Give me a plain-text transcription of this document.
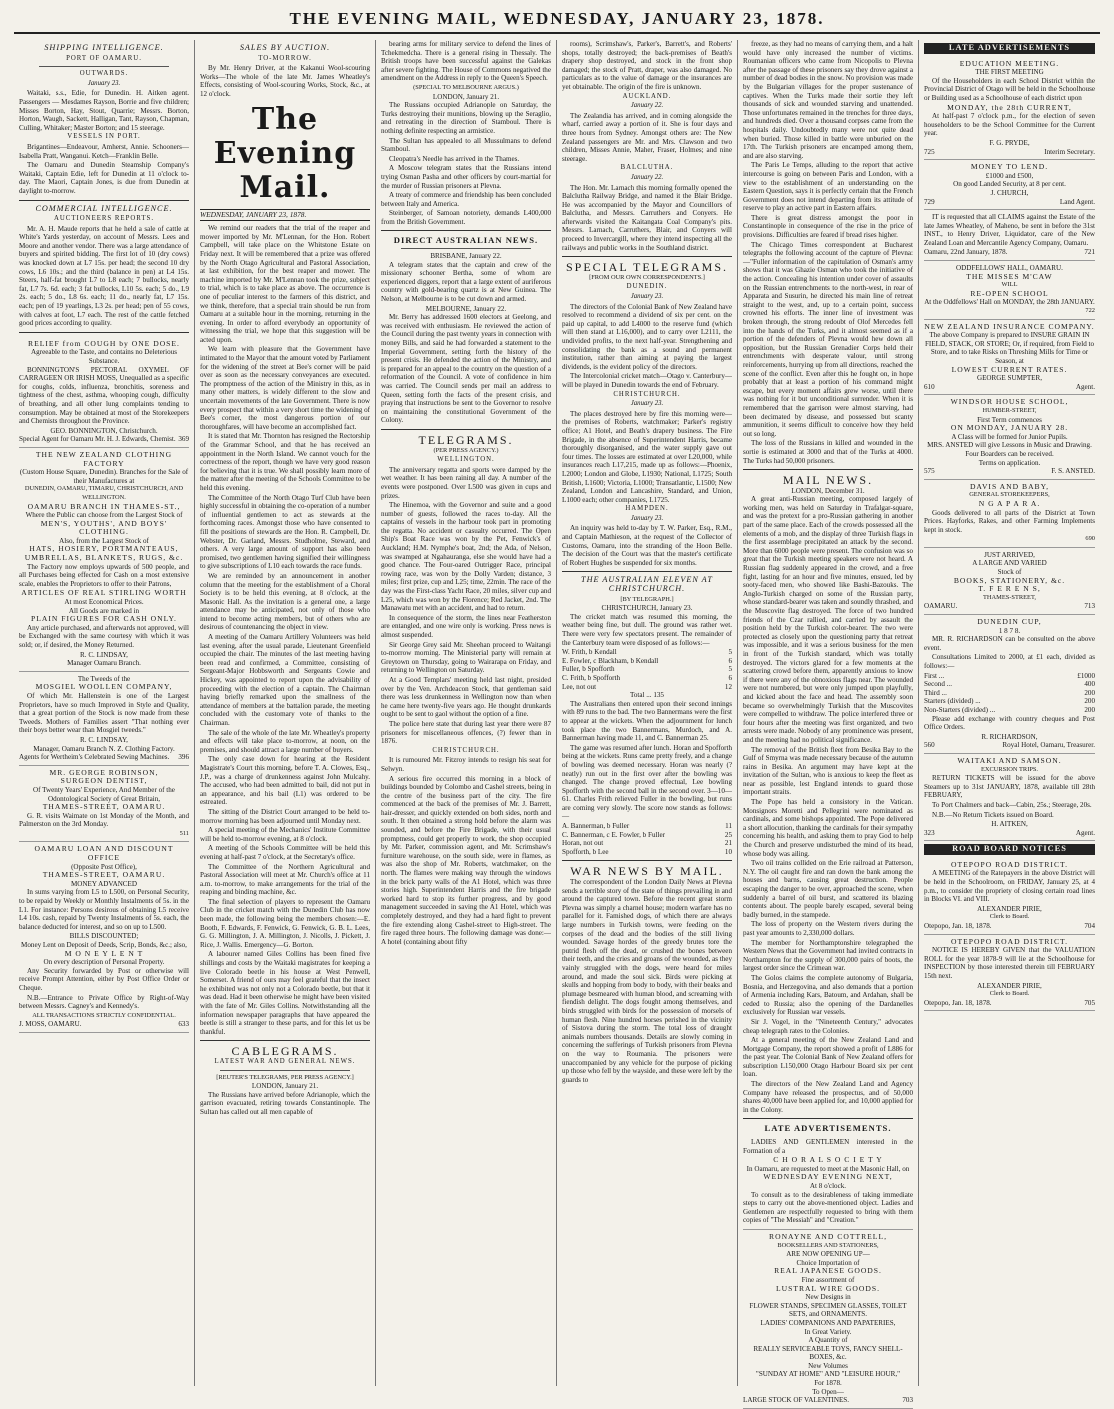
THE EVENING MAIL, WEDNESDAY, JANUARY 23, 1878.
SHIPPING INTELLIGENCE.
PORT OF OAMARU.
OUTWARDS.
January 23.

Waitaki, s.s., Edie, for Dunedin. H. Aitken agent. Passengers — Mesdames Rayson, Borrie and five children; Misses Borton, Hay, Stout, Quarrie; Messrs. Borton, Horton, Waugh, Sackett, Halligan, Tant, Rayson, Chapman, Culling, Whitaker; Master Borton; and 15 steerage.

VESSELS IN PORT.

Brigantines—Endeavour, Amherst, Annie. Schooners—Isabella Pratt, Wanganui. Ketch—Franklin Belle.

The Oamaru and Dunedin Steamship Company's Waitaki, Captain Edie, left for Dunedin at 11 o'clock to-day. The Maori, Captain Jones, is due from Dunedin at daylight to-morrow.

COMMERCIAL INTELLIGENCE.
AUCTIONEERS REPORTS.

Mr. A. H. Maude reports that he held a sale of cattle at White's Yards yesterday, on account of Messrs. Lees and Moore and another vendor. There was a large attendance of buyers and spirited bidding. The first lot of 10 (dry cows) was knocked down at L7 15s. per head; the second 10 dry cows, L6 10s.; and the third (balance in pen) at L4 15s. Steers, half-fat brought L7 to L8 each; 7 bullocks, nearly fat, L7 7s. 6d. each; 3 fat bullocks, L10 5s. each; 5 do., L9 2s. each; 5 do., L8 6s. each; 11 do., nearly fat, L7 15s. each; pen of 19 yearlings, L3 2s. per head; pen of 55 cows, with calves at foot, L7 each. The rest of the cattle fetched good prices according to quality.

RELIEF from COUGH by ONE DOSE.
Agreeable to the Taste, and contains no Deleterious Substance.

BONNINGTON'S PECTORAL OXYMEL OF CARRAGEEN OR IRISH MOSS, Unequalled as a specific for coughs, colds, influenza, bronchitis, soreness and tightness of the chest, asthma, whooping cough, difficulty of breathing, and all other lung complaints tending to consumption. May be obtained at most of the Storekeepers and Chemists throughout the Province.

GEO. BONNINGTON, Christchurch.
Special Agent for Oamaru Mr. H. J. Edwards, Chemist. 369
THE NEW ZEALAND CLOTHING FACTORY
(Custom House Square, Dunedin). Branches for the Sale of their Manufactures at
DUNEDIN, OAMARU, TIMARU, CHRISTCHURCH, AND WELLINGTON.
OAMARU BRANCH IN THAMES-ST.,
Where the Public can choose from the Largest Stock of
MEN'S, YOUTHS', AND BOYS' CLOTHING.
Also, from the Largest Stock of
HATS, HOSIERY, PORTMANTEAUS, UMBRELLAS, BLANKETS, RUGS, &c.

The Factory now employs upwards of 500 people, and all Purchases being effected for Cash on a most extensive scale, enables the Proprietors to offer to their Patrons,

ARTICLES OF REAL STIRLING WORTH
At most Economical Prices.
All Goods are marked in
PLAIN FIGURES FOR CASH ONLY.

Any article purchased, and afterwards not approved, will be Exchanged with the same courtesy with which it was sold; or, if desired, the Money Returned.

R. C. LINDSAY,
Manager Oamaru Branch.
The Tweeds of the
MOSGIEL WOOLLEN COMPANY,

Of which Mr. Hallenstein is one of the Largest Proprietors, have so much Improved in Style and Quality, that a great portion of the Stock is now made from these Tweeds. Mothers of Families assert "That nothing ever their boys better wear than Mosgiel tweeds."

R. C. LINDSAY,
Manager, Oamaru Branch N. Z. Clothing Factory.
Agents for Wertheim's Celebrated Sewing Machines. 396
MR. GEORGE ROBINSON,
SURGEON DENTIST,
Of Twenty Years' Experience, And Member of the Odontological Society of Great Britain,
THAMES-STREET, OAMARU.

G. R. visits Waimate on 1st Monday of the Month, and Palmerston on the 3rd Monday.

511
OAMARU LOAN AND DISCOUNT OFFICE
(Opposite Post Office),
THAMES-STREET, OAMARU.
MONEY ADVANCED

In sums varying from L5 to L500, on Personal Security, to be repaid by Weekly or Monthly Instalments of 5s. in the L1. For instance: Persons desirous of obtaining L5 receive L4 10s. cash, repaid by Twenty Instalments of 5s. each, the balance deducted for interest, and so on up to L500.

BILLS DISCOUNTED;
Money Lent on Deposit of Deeds, Scrip, Bonds, &c.; also,
M O N E Y L E N T
On every description of Personal Property.

Any Security forwarded by Post or otherwise will receive Prompt Attention, either by Post Office Order or Cheque.

N.B.—Entrance to Private Office by Right-of-Way between Messrs. Cagney's and Kennedy's.

ALL TRANSACTIONS STRICTLY CONFIDENTIAL.
J. MOSS, OAMARU.	633
SALES BY AUCTION.
TO-MORROW.

By Mr. Henry Driver, at the Kakanui Wool-scouring Works—The whole of the late Mr. James Wheatley's Effects, consisting of Wool-scouring Works, Stock, &c., at 12 o'clock.

The Evening Mail.
WEDNESDAY, JANUARY 23, 1878.

We remind our readers that the trial of the reaper and mower imported by Mr. M'Lennan, for the Hon. Robert Campbell, will take place on the Whitstone Estate on Friday next. It will be remembered that a prize was offered by the North Otago Agricultural and Pastoral Association, at last exhibition, for the best reaper and mower. The machine imported by Mr. M'Lennan took the prize, subject to trial, which is to take place as above. The occurrence is one of peculiar interest to the farmers of this district, and we think, therefore, that a special train should be run from Oamaru at a suitable hour in the morning, returning in the evening. In order to afford everybody an opportunity of witnessing the trial, we hope that this suggestion will be acted upon.

We learn with pleasure that the Government have intimated to the Mayor that the amount voted by Parliament for the widening of the street at Bee's corner will be paid over as soon as the necessary conveyances are executed. The promptness of the action of the Ministry in this, as in many other matters, is widely different to the slow and uncertain movements of the late Government. There is now every prospect that within a very short time the widening of Bee's corner, the most dangerous portion of our thoroughfares, will have become an accomplished fact.

It is stated that Mr. Thornton has resigned the Rectorship of the Grammar School, and that he has received an appointment in the North Island. We cannot vouch for the correctness of the report, though we have very good reason for believing that it is true. We shall possibly learn more of the matter after the meeting of the Schools Committee to be held this evening.

The Committee of the North Otago Turf Club have been highly successful in obtaining the co-operation of a number of influential gentlemen to act as stewards at the forthcoming races. Amongst those who have consented to fill the positions of stewards are the Hon. R. Campbell, Dr. Webster, Dr. Garland, Messrs. Studholme, Steward, and others. A very large amount of support has also been promised, two gentlemen having signified their willingness to give subscriptions of L10 each towards the race funds.

We are reminded by an announcement in another column that the meeting for the establishment of a Choral Society is to be held this evening, at 8 o'clock, at the Masonic Hall. As the invitation is a general one, a large attendance may be anticipated, not only of those who intend to become acting members, but of others who are desirous of countenancing the object in view.

A meeting of the Oamaru Artillery Volunteers was held last evening, after the usual parade, Lieutenant Greenfield occupied the chair. The minutes of the last meeting having been read and confirmed, a Committee, consisting of Sergeant-Major Hobbsworth and Sergeants Cowie and Hickey, was appointed to report upon the advisability of proceeding with the election of a captain. The Chairman having briefly remarked upon the smallness of the attendance of members at the battalion parade, the meeting concluded with the customary vote of thanks to the Chairman.

The sale of the whole of the late Mr. Wheatley's property and effects will take place to-morrow, at noon, on the premises, and should attract a large number of buyers.

The only case down for hearing at the Resident Magistrate's Court this morning, before T. A. Clowes, Esq., J.P., was a charge of drunkenness against John Mulcahy. The accused, who had been admitted to bail, did not put in an appearance, and his bail (L1) was ordered to be estreated.

The sitting of the District Court arranged to be held to-morrow morning has been adjourned until Monday next.

A special meeting of the Mechanics' Institute Committee will be held to-morrow evening, at 8 o'clock.

A meeting of the Schools Committee will be held this evening at half-past 7 o'clock, at the Secretary's office.

The Committee of the Northern Agricultural and Pastoral Association will meet at Mr. Church's office at 11 a.m. to-morrow, to make arrangements for the trial of the reaping and binding machine, &c.

The final selection of players to represent the Oamaru Club in the cricket match with the Dunedin Club has now been made, the following being the members chosen:—E. Booth, F. Edwards, F. Fenwick, G. Fenwick, G. B. L. Lees, G. G. Millington, J. A. Millington, J. Nicolls, J. Pickett, J. Rice, J. Wallis. Emergency—G. Borton.

A labourer named Giles Collins has been fined five shillings and costs by the Waitaki magistrates for keeping a live Colorado beetle in his house at West Penwell, Somerset. A friend of ours may feel grateful that the insect he exhibited was not only not a Colorado beetle, but that it was dead. Had it been otherwise he might have been visited with the fate of Mr. Giles Collins. Notwithstanding all the information newspaper paragraphs that have appeared the beetle is still a stranger to these parts, and for this let us be thankful.

CABLEGRAMS.
LATEST WAR AND GENERAL NEWS.
[REUTER'S TELEGRAMS, PER PRESS AGENCY.]
LONDON, January 21.

The Russians have arrived before Adrianople, which the garrison evacuated, retiring towards Constantinople. The Sultan has called out all men capable of

bearing arms for military service to defend the lines of Tchekmedcha. There is a general rising in Thessaly. The British troops have been successful against the Galekas after severe fighting. The House of Commons negatived the amendment on the Address in reply to the Queen's Speech.

(SPECIAL TO MELBOURNE ARGUS.)
LONDON, January 21.

The Russians occupied Adrianople on Saturday, the Turks destroying their munitions, blowing up the Seraglio, and retreating in the direction of Stamboul. There is nothing definite respecting an armistice.

The Sultan has appealed to all Mussulmans to defend Stamboul.

Cleopatra's Needle has arrived in the Thames.

A Moscow telegram states that the Russians intend trying Osman Pasha and other officers by court-martial for the murder of Russian prisoners at Plevna.

A treaty of commerce and friendship has been concluded between Italy and America.

Steinberger, of Samoan notoriety, demands L400,000 from the British Government.

DIRECT AUSTRALIAN NEWS.
BRISBANE, January 22.

A telegram states that the captain and crew of the missionary schooner Bertha, some of whom are experienced diggers, report that a large extent of auriferous country with gold-bearing quartz is at New Guinea. The Nelson, at Melbourne is to be cut down and armed.

MELBOURNE, January 22.

Mr. Berry has addressed 1600 electors at Geelong, and was received with enthusiasm. He reviewed the action of the Council during the past twenty years in connection with money Bills, and said he had forwarded a statement to the Imperial Government, setting forth the history of the present crisis. He defended the action of the Ministry, and is prepared for an appeal to the country on the question of a reformation of the Council. A vote of confidence in him was carried. The Council sends per mail an address to Queen, setting forth the facts of the present crisis, and praying that instructions be sent to the Governor to resolve on maintaining the constitutional Government of the Colony.

TELEGRAMS.
(PER PRESS AGENCY.)
WELLINGTON.

The anniversary regatta and sports were damped by the wet weather. It has been raining all day. A number of the events were postponed. Over L500 was given in cups and prizes.

The Hinemoa, with the Governor and suite and a good number of guests, followed the races to-day. All the captains of vessels in the harbour took part in promoting the regatta. No accident or casualty occurred. The Open Ship's Boat Race was won by the Pet, Fenwick's of Auckland; H.M. Nymphe's boat, 2nd; the Ada, of Nelson, was swamped at Ngahauranga, else she would have had a good chance. The Four-oared Outrigger Race, principal rowing race, was won by the Dolly Varden; distance, 3 miles; first prize, cup and L25; time, 22min. The race of the day was the First-class Yacht Race, 20 miles, silver cup and L25, which was won by the Florence; Red Jacket, 2nd. The Manawatu met with an accident, and had to return.

In consequence of the storm, the lines near Featherston are entangled, and one wire only is working. Press news is almost suspended.

Sir George Grey said Mr. Sheehan proceed to Waitangi to-morrow morning. The Ministerial party will remain at Greytown on Thursday, going to Wairarapa on Friday, and returning to Wellington on Saturday.

At a Good Templars' meeting held last night, presided over by the Ven. Archdeacon Stock, that gentleman said there was less drunkenness in Wellington now than when he came here twenty-five years ago. He thought drunkards ought to be sent to gaol without the option of a fine.

The police here state that during last year there were 87 prisoners for miscellaneous offences, (?) fewer than in 1876.

CHRISTCHURCH.

It is rumoured Mr. Fitzroy intends to resign his seat for Selwyn.

A serious fire occurred this morning in a block of buildings bounded by Colombo and Cashel streets, being in the centre of the business part of the city. The fire commenced at the back of the premises of Mr. J. Barrett, hair-dresser, and quickly extended on both sides, north and south. It then obtained a strong hold before the alarm was sounded, and before the Fire Brigade, with their usual promptness, could get properly to work, the shop occupied by Mr. Parker, commission agent, and Mr. Scrimshaw's furniture warehouse, on the south side, were in flames, as was also the shop of Mr. Roberts, watchmaker, on the north. The flames were making way through the windows in the brick party walls of the A1 Hotel, which was three stories high. Superintendent Harris and the fire brigade worked hard to stop its further progress, and by good management succeeded in saving the A1 Hotel, which was completely destroyed, and they had a hard fight to prevent the fire extending along Cashel-street to High-street. The fire raged three hours. The following damage was done:—A hotel (containing about fifty

rooms), Scrimshaw's, Parker's, Barrett's, and Roberts' shops, totally destroyed; the back-premises of Beath's drapery shop destroyed, and stock in the front shop damaged; the stock of Pratt, draper, was also damaged. No particulars as to the value of damage or the insurances are yet obtainable. The origin of the fire is unknown.

AUCKLAND.
January 22.

The Zealandia has arrived, and in coming alongside the wharf, carried away a portion of it. She is four days and three hours from Sydney. Amongst others are: The New Zealand passengers are Mr. and Mrs. Clawson and two children, Misses Annie, Maher, Fraser, Holmes; and nine steerage.

BALCLUTHA.
January 22.

The Hon. Mr. Larnach this morning formally opened the Balclutha Railway Bridge, and named it the Blair Bridge. He was accompanied by the Mayor and Councillors of Balclutha, and Messrs. Carruthers and Conyers. He afterwards visited the Kaitangata Coal Company's pits. Messrs. Larnach, Carruthers, Blair, and Conyers will proceed to Invercargill, where they intend inspecting all the railways and public works in the Southland district.

SPECIAL TELEGRAMS.
[FROM OUR OWN CORRESPONDENTS.]
DUNEDIN.
January 23.

The directors of the Colonial Bank of New Zealand have resolved to recommend a dividend of six per cent. on the paid up capital, to add L4000 to the reserve fund (which will then stand at L16,000), and to carry over L2111, the undivided profits, to the next half-year. Strengthening and consolidating the bank as a sound and permanent institution, rather than aiming at paying the largest dividends, is the evident policy of the directors.

The Intercolonial cricket match—Otago v. Canterbury—will be played in Dunedin towards the end of February.

CHRISTCHURCH.
January 23.

The places destroyed here by fire this morning were—the premises of Roberts, watchmaker; Parker's registry office; A1 Hotel, and Beath's drapery business. The Fire Brigade, in the absence of Superintendent Harris, became thoroughly disorganised, and the water supply gave out four times. The losses are estimated at over L20,000, while insurances reach L17,215, made up as follows:—Phoenix, L2000; London and Globe, L1930; National, L1725; South British, L1600; Victoria, L1000; Transatlantic, L1500; New Zealand, London and Lancashire, Standard, and Union, L1000 each; other companies, L1725.

HAMPDEN.
January 23.

An inquiry was held to-day by T. W. Parker, Esq., R.M., and Captain Mathieson, at the request of the Collector of Customs, Oamaru, into the stranding of the Hoon Belle. The decision of the Court was that the master's certificate of Robert Hughes be suspended for six months.

THE AUSTRALIAN ELEVEN AT CHRISTCHURCH.
[BY TELEGRAPH.]
CHRISTCHURCH, January 23.

The cricket match was resumed this morning, the weather being fine, but dull. The ground was rather wet. There were very few spectators present. The remainder of the Canterbury team were disposed of as follows:—

W. Frith, b Kendall	5
E. Fowler, c Blackham, b Kendall	6
Fuller, b Spofforth	5
C. Frith, b Spofforth	6
Lee, not out	12
Total ... 135

The Australians then entered upon their second innings with 89 runs to the bad. The two Bannermans were the first to appear at the wickets. When the adjournment for lunch took place the two Bannermans, Murdoch, and A. Bannerman having made 11, and C. Bannerman 25.

The game was resumed after lunch. Horan and Spofforth being at the wickets. Runs came pretty freely, and a change of bowling was deemed necessary. Horan was nearly (? neatly) run out in the first over after the bowling was changed. The change proved effectual, Lee bowling Spofforth with the second ball in the second over. 3—10—61. Charles Frith relieved Fuller in the bowling, but runs are coming very slowly. The score now stands as follows:—

A. Bannerman, b Fuller	11
C. Bannerman, c E. Fowler, b Fuller	25
Horan, not out	21
Spofforth, b Lee	10
WAR NEWS BY MAIL.

The correspondent of the London Daily News at Plevna sends a terrible story of the state of things prevailing in and around the captured town. Before the recent great storm Plevna was simply a charnel house; modern warfare has no parallel for it. Famished dogs, of which there are always large numbers in Turkish towns, were feeding on the corpses of the dead and the bodies of the still living wounded. Savage hordes of the greedy brutes tore the putrid flesh off the dead, or crushed the bones between their teeth, and the cries and groans of the wounded, as they vainly struggled with the dogs, were heard for miles around, and made the soul sick. Birds were picking at skulls and hopping from body to body, with their beaks and plumage besmeared with human blood, and screaming with fiendish delight. The dogs fought among themselves, and birds struggled with birds for the possession of morsels of human flesh. Nine hundred horses perished in the vicinity of Sistova during the storm. The total loss of draught animals numbers thousands. Details are slowly coming in concerning the sufferings of Turkish prisoners from Plevna on the way to Roumania. The prisoners were unaccompanied by any vehicle for the purpose of picking up those who fell by the wayside, and these were left by the guards to

freeze, as they had no means of carrying them, and a halt would have only increased the number of victims. Roumanian officers who came from Nicopolis to Plevna after the passage of these prisoners say they drove against a number of dead bodies in the snow. No provision was made by the Bulgarian villages for the proper sustenance of captives. When the Turks made their sortie they left thousands of sick and wounded starving and unattended. Those unfortunates remained in the trenches for three days, and hundreds died. Over a thousand corpses came from the hospitals daily. Undoubtedly many were not quite dead when buried. Those killed in battle were unburied on the 17th. The Turkish prisoners are encamped among them, and are also starving.

The Paris Le Temps, alluding to the report that active intercourse is going on between Paris and London, with a view to the establishment of an understanding on the Eastern Question, says it is perfectly certain that the French Government does not intend departing from its attitude of reserve to play an active part in Eastern affairs.

There is great distress amongst the poor in Constantinople in consequence of the rise in the price of provisions. Difficulties are feared if bread rises higher.

The Chicago Times correspondent at Bucharest telegraphs the following account of the capture of Plevna:—"Fuller information of the capitulation of Osman's army shows that it was Ghazie Osman who took the initiative of the action. Concealing his intention under cover of assaults on the Russian entrenchments to the north-west, in rear of Apparata and Susurin, he directed his main line of retreat straight to the west, and, up to a certain point, success crowned his efforts. The inner line of investment was broken through, the strong redoubt of Olof Mercedes fell into the hands of the Turks, and it almost seemed as if a portion of the defenders of Plevna would hew down all opposition, but the Russian Grenadier Corps held their entrenchments with desperate valour, until strong reinforcements, hurrying up from all directions, reached the scene of the conflict. Even after this he fought on, in hope probably that at least a portion of his command might escape, but every moment affairs grew worse, until there was nothing for it but unconditional surrender. When it is remembered that the garrison were almost starving, had been decimated by disease, and possessed but scanty ammunition, it seems difficult to conceive how they held out so long.

The loss of the Russians in killed and wounded in the sortie is estimated at 3000 and that of the Turks at 4000. The Turks had 50,000 prisoners.

MAIL NEWS.
LONDON, December 31.

A great anti-Russian meeting, composed largely of working men, was held on Saturday in Trafalgar-square, and was the pretext for a pro-Russian gathering in another part of the same place. Each of the crowds possessed all the elements of a mob, and the display of three Turkish flags in the first assemblage precipitated an attack by the second. More than 6000 people were present. The confusion was so great that the Turkish meeting speakers were not heard. A Russian flag suddenly appeared in the crowd, and a free fight, lasting for an hour and five minutes, ensued, led by sooty-faced men, who showed like Bashi-Bazouks. The Anglo-Turkish charged on some of the Russian party, whose standard-bearer was taken and soundly thrashed, and the Muscovite flag destroyed. The force of two hundred friends of the Czar rallied, and carried by assault the position held by the Turkish color-bearer. The two were protected as closely upon the questioning party that retreat was impossible, and it was a serious business for the men in front of the Turkish standard, which was totally destroyed. The victors glared for a few moments at the scattering crowd before them, apparently anxious to know if there were any of the obnoxious flags near. The wounded were not numbered, but were only jumped upon playfully, and kicked about the face and head. The assembly soon became so overwhelmingly Turkish that the Muscovites were compelled to withdraw. The police interfered three or four hours after the meeting was first organized, and two arrests were made. Nobody of any prominence was present, and the meeting had no political significance.

The removal of the British fleet from Besika Bay to the Gulf of Smyrna was made necessary because of the autumn rains in Besika. An argument may have kept at the invitation of the Sultan, who is anxious to keep the fleet as near as possible, lest England intends to guard those important straits.

The Pope has held a consistory in the Vatican. Monsignors Moretti and Pellegrini were nominated as cardinals, and some bishops appointed. The Pope delivered a short allocution, thanking the cardinals for their sympathy concerning his health, and asking them to pray God to help the Church and preserve undisturbed the mind of its head, whose body was ailing.

Two oil trains collided on the Erie railroad at Patterson, N.Y. The oil caught fire and ran down the bank among the houses and barns, causing great destruction. People escaping the danger to be over, approached the scene, when suddenly a barrel of oil burst, and scattered its blazing contents about. The people barely escaped, several being badly burned, in the stampede.

The loss of property on the Western rivers during the past year amounts to 2,330,000 dollars.

The member for Northamptonshire telegraphed the Western News that the Government had invited contracts in Northampton for the supply of 300,000 pairs of boots, the largest order since the Crimean war.

The Golos claims the complete autonomy of Bulgaria, Bosnia, and Herzegovina, and also demands that a portion of Armenia including Kars, Batoum, and Ardahan, shall be ceded to Russia; also the opening of the Dardanelles exclusively for Russian war vessels.

Sir J. Vogel, in the "Nineteenth Century," advocates cheap telegraph rates to the Colonies.

At a general meeting of the New Zealand Land and Mortgage Company, the report showed a profit of L886 for the past year. The Colonial Bank of New Zealand offers for subscription L150,000 Otago Harbour Board six per cent loan.

The directors of the New Zealand Land and Agency Company have released the prospectus, and of 50,000 shares 40,000 have been applied for, and 10,000 applied for in the Colony.

LATE ADVERTISEMENTS.

LADIES AND GENTLEMEN interested in the Formation of a

C H O R A L S O C I E T Y
In Oamaru, are requested to meet at the Masonic Hall, on
WEDNESDAY EVENING NEXT,
At 8 o'clock.

To consult as to the desirableness of taking immediate steps to carry out the above-mentioned object. Ladies and Gentlemen are respectfully requested to bring with them copies of "The Messiah" and "Creation."

RONAYNE AND COTTRELL,
BOOKSELLERS AND STATIONERS,
ARE NOW OPENING UP—
Choice Importation of
REAL JAPANESE GOODS.
Fine assortment of
LUSTRAL WIRE GOODS.
New Designs in
FLOWER STANDS, SPECIMEN GLASSES, TOILET SETS, and ORNAMENTS.
LADIES' COMPANIONS AND PAPATERIES,
In Great Variety.
A Quantity of
REALLY SERVICEABLE TOYS, FANCY SHELL-BOXES, &c.
New Volumes
"SUNDAY AT HOME" AND "LEISURE HOUR,"
For 1878.
To Open—
LARGE STOCK OF VALENTINES.	703
LATE ADVERTISEMENTS
EDUCATION MEETING.
THE FIRST MEETING

Of the Householders in each School District within the Provincial District of Otago will be held in the Schoolhouse or Building used as a Schoolhouse of each district upon

MONDAY, the 28th CURRENT,

At half-past 7 o'clock p.m., for the election of seven householders to be the School Committee for the Current year.

F. G. PRYDE,
725	Interim Secretary.
MONEY TO LEND.
£1000 and £500,
On good Landed Security, at 8 per cent.
J. CHURCH,
729	Land Agent.

IT is requested that all CLAIMS against the Estate of the late James Wheatley, of Maheno, be sent in before the 31st INST., to Henry Driver, Liquidator, care of the New Zealand Loan and Mercantile Agency Company, Oamaru.

Oamaru, 22nd January, 1878.	721
ODDFELLOWS' HALL, OAMARU.
THE MISSES M'CAW
WILL
RE-OPEN SCHOOL
At the Oddfellows' Hall on MONDAY, the 28th JANUARY.
722
NEW ZEALAND INSURANCE COMPANY.
The above Company is prepared to INSURE GRAIN IN FIELD, STACK, OR STORE; Or, if required, from Field to Store, and to take Risks on Threshing Mills for Time or Season, at
LOWEST CURRENT RATES.
GEORGE SUMPTER,
610	Agent.
WINDSOR HOUSE SCHOOL,
HUMBER-STREET,
First Term commences
ON MONDAY, JANUARY 28.
A Class will be formed for Junior Pupils.
MRS. ANSTED will give Lessons in Music and Drawing.
Four Boarders can be received.
Terms on application.
575	F. S. ANSTED.
DAVIS AND BABY,
GENERAL STOREKEEPERS,
N G A P A R A.

Goods delivered to all parts of the District at Town Prices. Hayforks, Rakes, and other Farming Implements kept in stock.

690
JUST ARRIVED,
A LARGE AND VARIED
Stock of
BOOKS, STATIONERY, &c.
T. F E R E N S,
THAMES-STREET,
OAMARU.	713
DUNEDIN CUP,
1 8 7 8.

MR. R. RICHARDSON can be consulted on the above event.

Consultations Limited to 2000, at £1 each, divided as follows:—

First ...	£1000
Second ...	400
Third ...	200
Starters (divided) ...	200
Non-Starters (divided) ...	200

Please add exchange with country cheques and Post Office Orders.

R. RICHARDSON,
560	Royal Hotel, Oamaru, Treasurer.
WAITAKI AND SAMSON.
EXCURSION TRIPS.

RETURN TICKETS will be issued for the above Steamers up to 31st JANUARY, 1878, available till 28th FEBRUARY,

To Port Chalmers and back—Cabin, 25s.; Steerage, 20s.

N.B.—No Return Tickets issued on Board.

H. AITKEN,
323	Agent.
ROAD BOARD NOTICES
OTEPOPO ROAD DISTRICT.

A MEETING of the Ratepayers in the above District will be held in the Schoolroom, on FRIDAY, January 25, at 4 p.m., to consider the propriety of closing certain road lines in Blocks VI. and VIII.

ALEXANDER PIRIE,
Clerk to Board.
Otepopo, Jan. 18, 1878.	704
OTEPOPO ROAD DISTRICT.

NOTICE IS HEREBY GIVEN that the VALUATION ROLL for the year 1878-9 will lie at the Schoolhouse for INSPECTION by those interested therein till FEBRUARY 15th next.

ALEXANDER PIRIE,
Clerk to Board.
Otepopo, Jan. 18, 1878.	705
